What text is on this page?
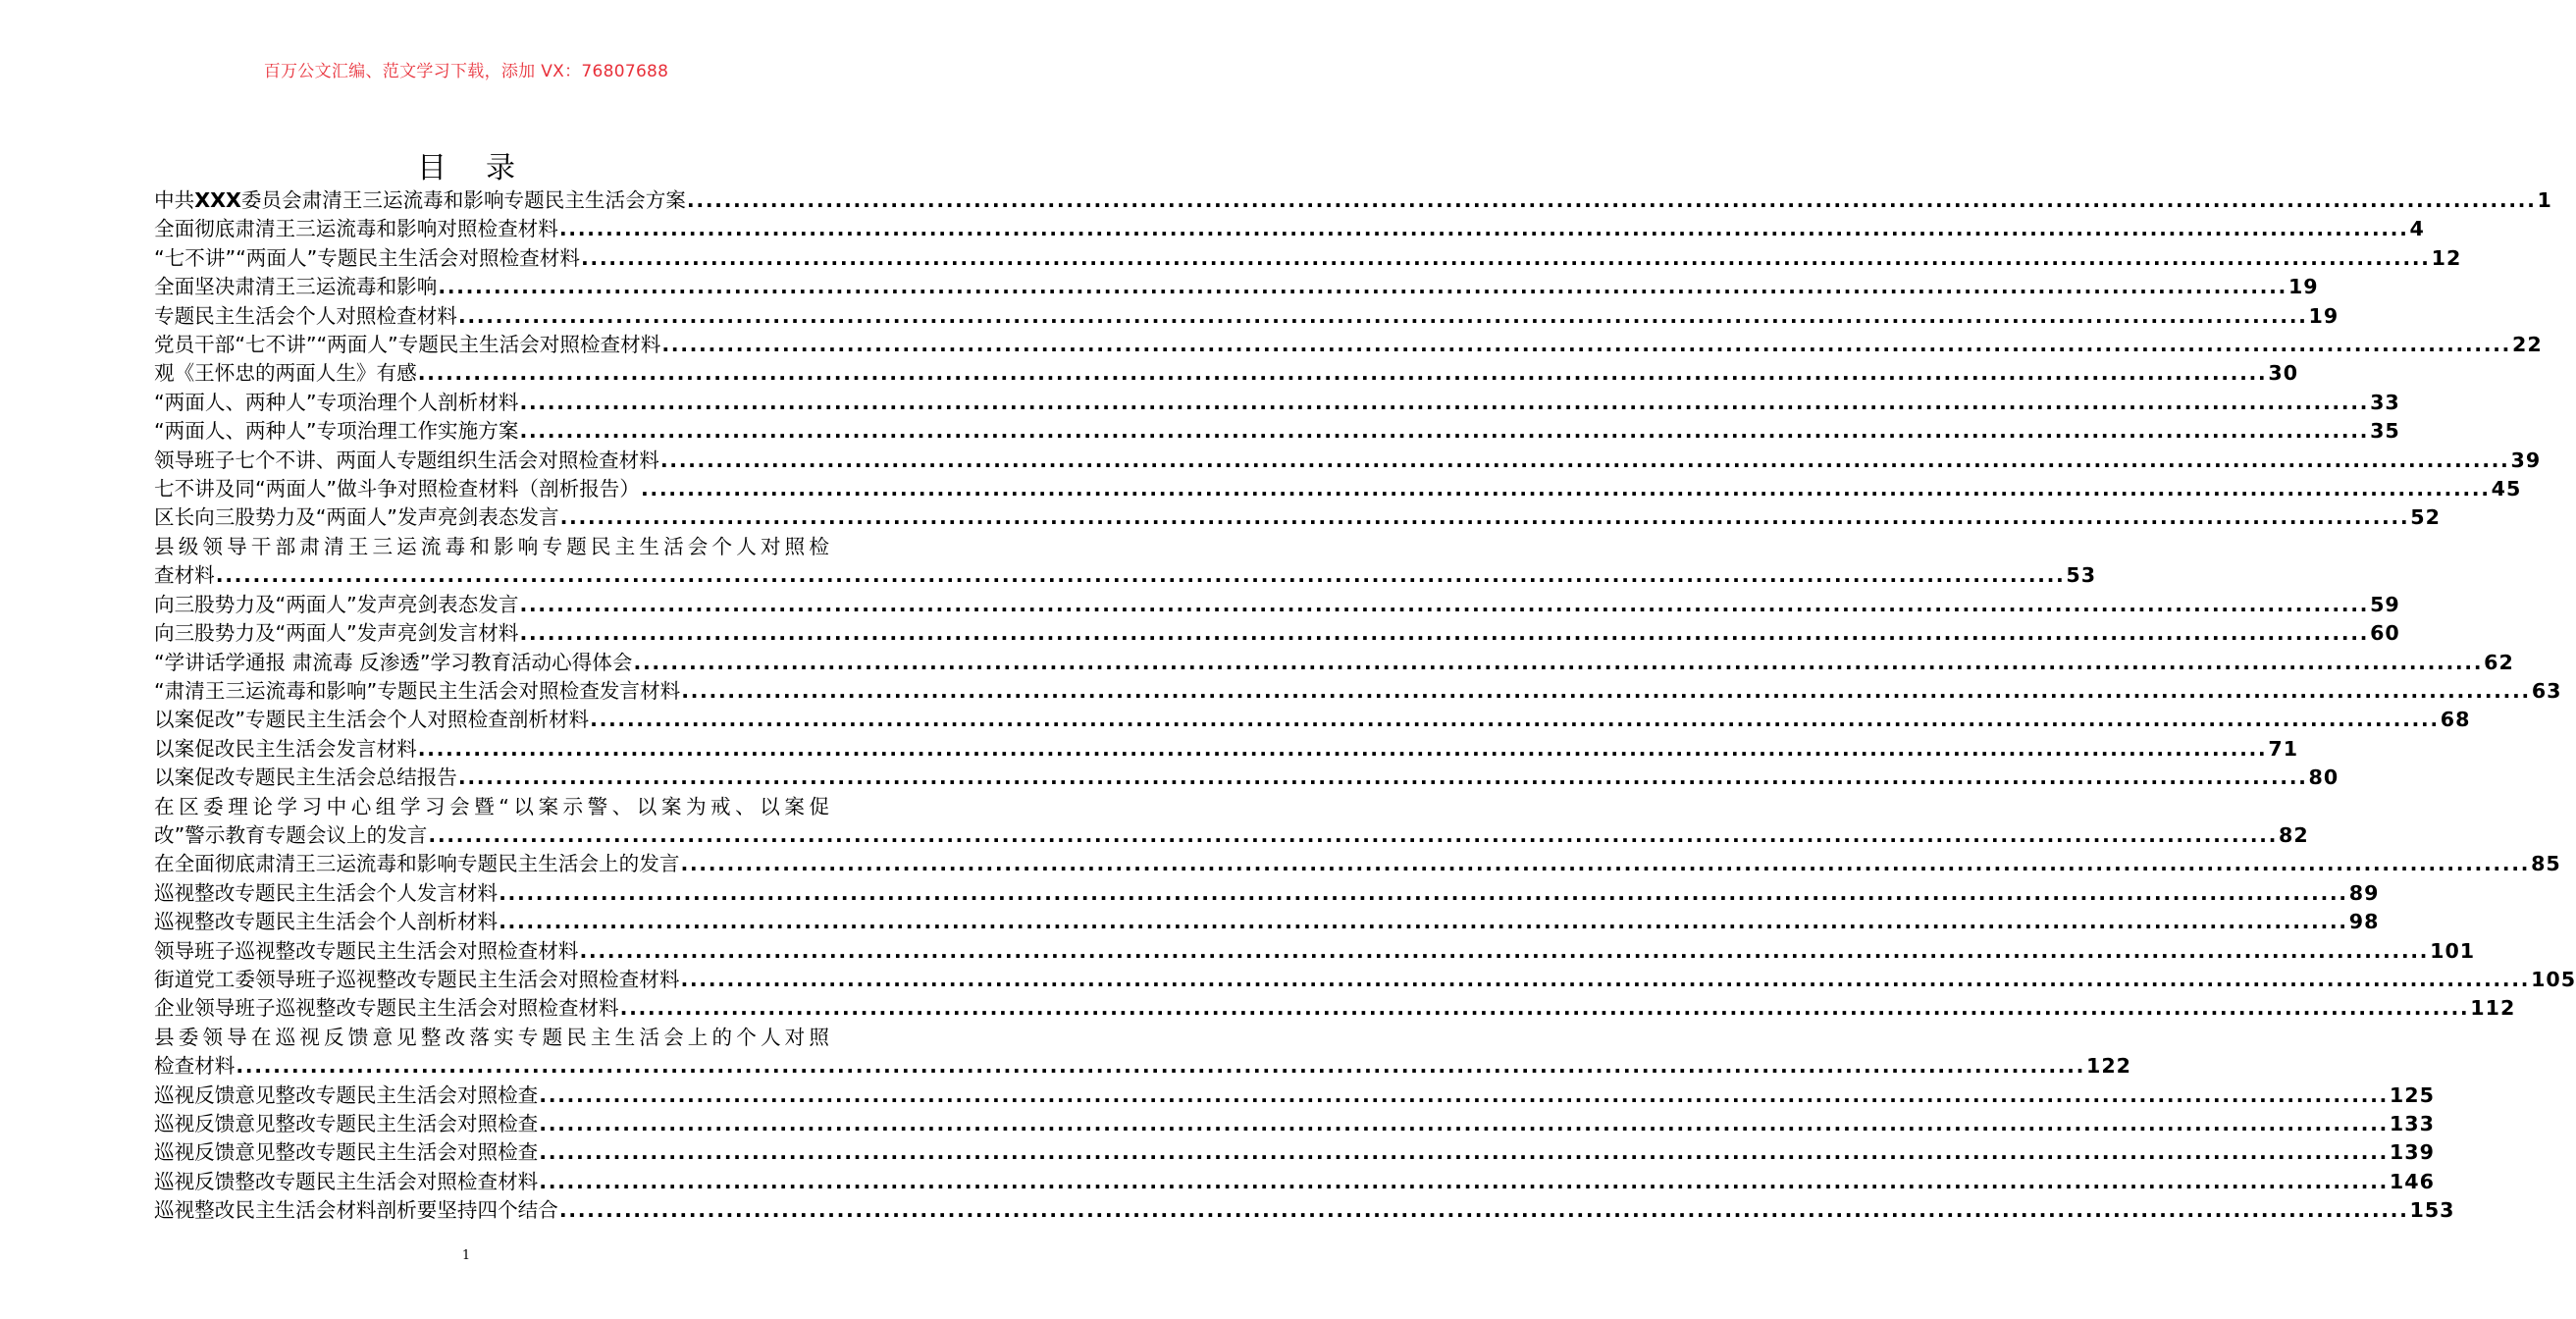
百万公文汇编、范文学习下载，添加 VX：76807688
目录
中共XXX委员会肃清王三运流毒和影响专题民主生活会方案 ........................................................................................................................................................................................................ 1
全面彻底肃清王三运流毒和影响对照检查材料 ........................................................................................................................................................................................................ 4
“七不讲”“两面人”专题民主生活会对照检查材料 ........................................................................................................................................................................................................ 12
全面坚决肃清王三运流毒和影响 ........................................................................................................................................................................................................ 19
专题民主生活会个人对照检查材料 ........................................................................................................................................................................................................ 19
党员干部“七不讲”“两面人”专题民主生活会对照检查材料 ........................................................................................................................................................................................................ 22
观《王怀忠的两面人生》有感 ........................................................................................................................................................................................................ 30
“两面人、两种人”专项治理个人剖析材料 ........................................................................................................................................................................................................ 33
“两面人、两种人”专项治理工作实施方案 ........................................................................................................................................................................................................ 35
领导班子七个不讲、两面人专题组织生活会对照检查材料 ........................................................................................................................................................................................................ 39
七不讲及同“两面人”做斗争对照检查材料（剖析报告） ........................................................................................................................................................................................................ 45
区长向三股势力及“两面人”发声亮剑表态发言 ........................................................................................................................................................................................................ 52
县级领导干部肃清王三运流毒和影响专题民主生活会个人对照检
查材料 ........................................................................................................................................................................................................ 53
向三股势力及“两面人”发声亮剑表态发言 ........................................................................................................................................................................................................ 59
向三股势力及“两面人”发声亮剑发言材料 ........................................................................................................................................................................................................ 60
“学讲话学通报 肃流毒 反渗透”学习教育活动心得体会 ........................................................................................................................................................................................................ 62
“肃清王三运流毒和影响”专题民主生活会对照检查发言材料 ........................................................................................................................................................................................................ 63
以案促改”专题民主生活会个人对照检查剖析材料 ........................................................................................................................................................................................................ 68
以案促改民主生活会发言材料 ........................................................................................................................................................................................................ 71
以案促改专题民主生活会总结报告 ........................................................................................................................................................................................................ 80
在区委理论学习中心组学习会暨“以案示警、以案为戒、以案促
改”警示教育专题会议上的发言 ........................................................................................................................................................................................................ 82
在全面彻底肃清王三运流毒和影响专题民主生活会上的发言 ........................................................................................................................................................................................................ 85
巡视整改专题民主生活会个人发言材料 ........................................................................................................................................................................................................ 89
巡视整改专题民主生活会个人剖析材料 ........................................................................................................................................................................................................ 98
领导班子巡视整改专题民主生活会对照检查材料 ........................................................................................................................................................................................................ 101
街道党工委领导班子巡视整改专题民主生活会对照检查材料 ........................................................................................................................................................................................................ 105
企业领导班子巡视整改专题民主生活会对照检查材料 ........................................................................................................................................................................................................ 112
县委领导在巡视反馈意见整改落实专题民主生活会上的个人对照
检查材料 ........................................................................................................................................................................................................ 122
巡视反馈意见整改专题民主生活会对照检查 ........................................................................................................................................................................................................ 125
巡视反馈意见整改专题民主生活会对照检查 ........................................................................................................................................................................................................ 133
巡视反馈意见整改专题民主生活会对照检查 ........................................................................................................................................................................................................ 139
巡视反馈整改专题民主生活会对照检查材料 ........................................................................................................................................................................................................ 146
巡视整改民主生活会材料剖析要坚持四个结合 ........................................................................................................................................................................................................ 153
1
